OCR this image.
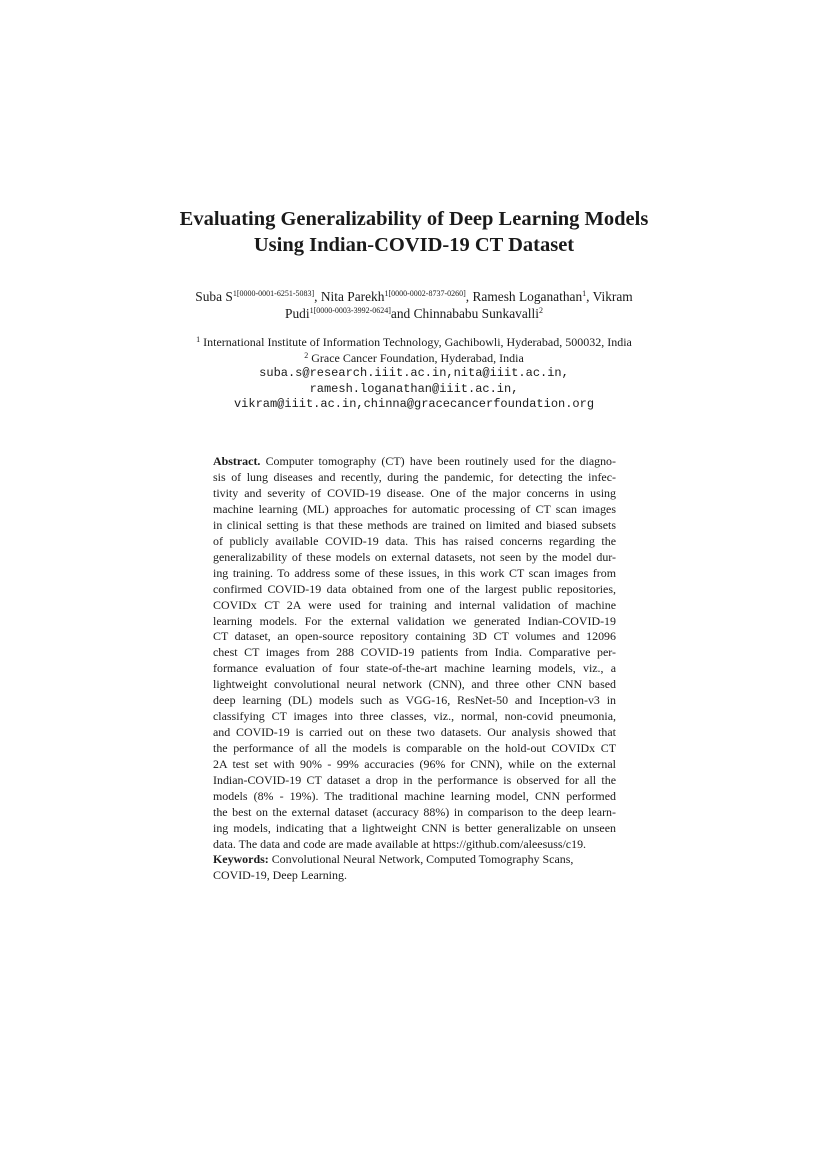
Evaluating Generalizability of Deep Learning Models
Using Indian-COVID-19 CT Dataset
Suba $S^{1[0000-0001-6251-5083]}$, Nita Parekh$^{1[0000-0002-8737-0260]}$, Ramesh Loganathan$^1$, Vikram
Pudi$^{1[0000-0003-3992-0624]}$and Chinnababu Sunkavalli$^2$
$^1$ International Institute of Information Technology, Gachibowli, Hyderabad, 500032, India
$^2$ Grace Cancer Foundation, Hyderabad, India
suba.s@research.iiit.ac.in,nita@iiit.ac.in,
ramesh.loganathan@iiit.ac.in,
vikram@iiit.ac.in,chinna@gracecancerfoundation.org
Abstract. Computer tomography (CT) have been routinely used for the diagno-
sis of lung diseases and recently, during the pandemic, for detecting the infec-
tivity and severity of COVID-19 disease. One of the major concerns in using
machine learning (ML) approaches for automatic processing of CT scan images
in clinical setting is that these methods are trained on limited and biased subsets
of publicly available COVID-19 data. This has raised concerns regarding the
generalizability of these models on external datasets, not seen by the model dur-
ing training. To address some of these issues, in this work CT scan images from
confirmed COVID-19 data obtained from one of the largest public repositories,
COVIDx CT 2A were used for training and internal validation of machine
learning models. For the external validation we generated Indian-COVID-19
CT dataset, an open-source repository containing 3D CT volumes and 12096
chest CT images from 288 COVID-19 patients from India. Comparative per-
formance evaluation of four state-of-the-art machine learning models, viz., a
lightweight convolutional neural network (CNN), and three other CNN based
deep learning (DL) models such as VGG-16, ResNet-50 and Inception-v3 in
classifying CT images into three classes, viz., normal, non-covid pneumonia,
and COVID-19 is carried out on these two datasets. Our analysis showed that
the performance of all the models is comparable on the hold-out COVIDx CT
2A test set with 90% - 99% accuracies (96% for CNN), while on the external
Indian-COVID-19 CT dataset a drop in the performance is observed for all the
models (8% - 19%). The traditional machine learning model, CNN performed
the best on the external dataset (accuracy 88%) in comparison to the deep learn-
ing models, indicating that a lightweight CNN is better generalizable on unseen
data. The data and code are made available at https://github.com/aleesuss/c19.
Keywords: Convolutional Neural Network, Computed Tomography Scans,
COVID-19, Deep Learning.
